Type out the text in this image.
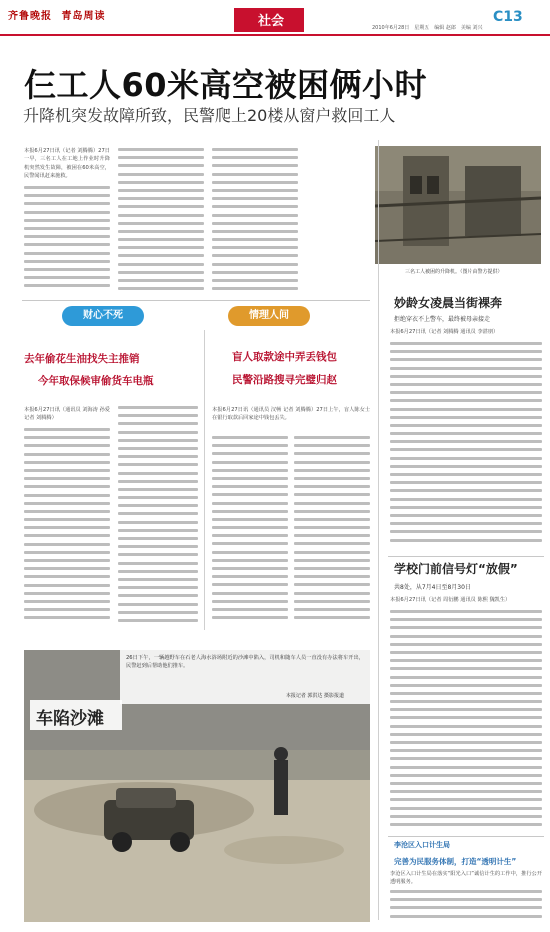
齐鲁晚报 青岛周读	社会	C13
2010年6月28日　星期五　编辑 赵郎　美编 刘兴
仨工人60米高空被困俩小时
升降机突发故障所致，民警爬上20楼从窗户救回工人
本报6月27日讯（记者 刘腾腾）27日一早，三名工人在工地上作业时升降机突然发生故障，被困在60米高空，民警闻讯赶来施救。
三名工人被困的升降机。（图片由警方提供）
财心不死	情理人间
去年偷花生油找失主推销
今年取保候审偷货车电瓶
本报6月27日讯（通讯员 刘海涛 孙爱 记者 刘腾腾）
盲人取款途中弄丢钱包
民警沿路搜寻完璧归赵
本报6月27日讯（通讯员 汉畅 记者 刘腾腾）27日上午，盲人陈女士在银行取款后回家途中钱包丢失。
26日下午，一辆越野车在石老人海水浴场附近的沙滩中陷入，司机和随车人员一直没有办法将车开出，民警赶到后帮助他们推车。
本报记者 郭洪达 摄影报道
车陷沙滩
妙龄女凌晨当街裸奔
拒绝穿衣不上警车，最终被母亲接走
本报6月27日讯（记者 刘腾腾 通讯员 李湛朋）
学校门前信号灯“放假”
共8处，从7月4日至8月30日
本报6月27日讯（记者 周衍鹏 通讯员 陈熙 魏凯生）
李沧区入口计生局
完善为民服务体制，打造“透明计生”
李沧区入口计生局在落实“阳光入口”诚信计生的工作中，推行公开透明服务。
